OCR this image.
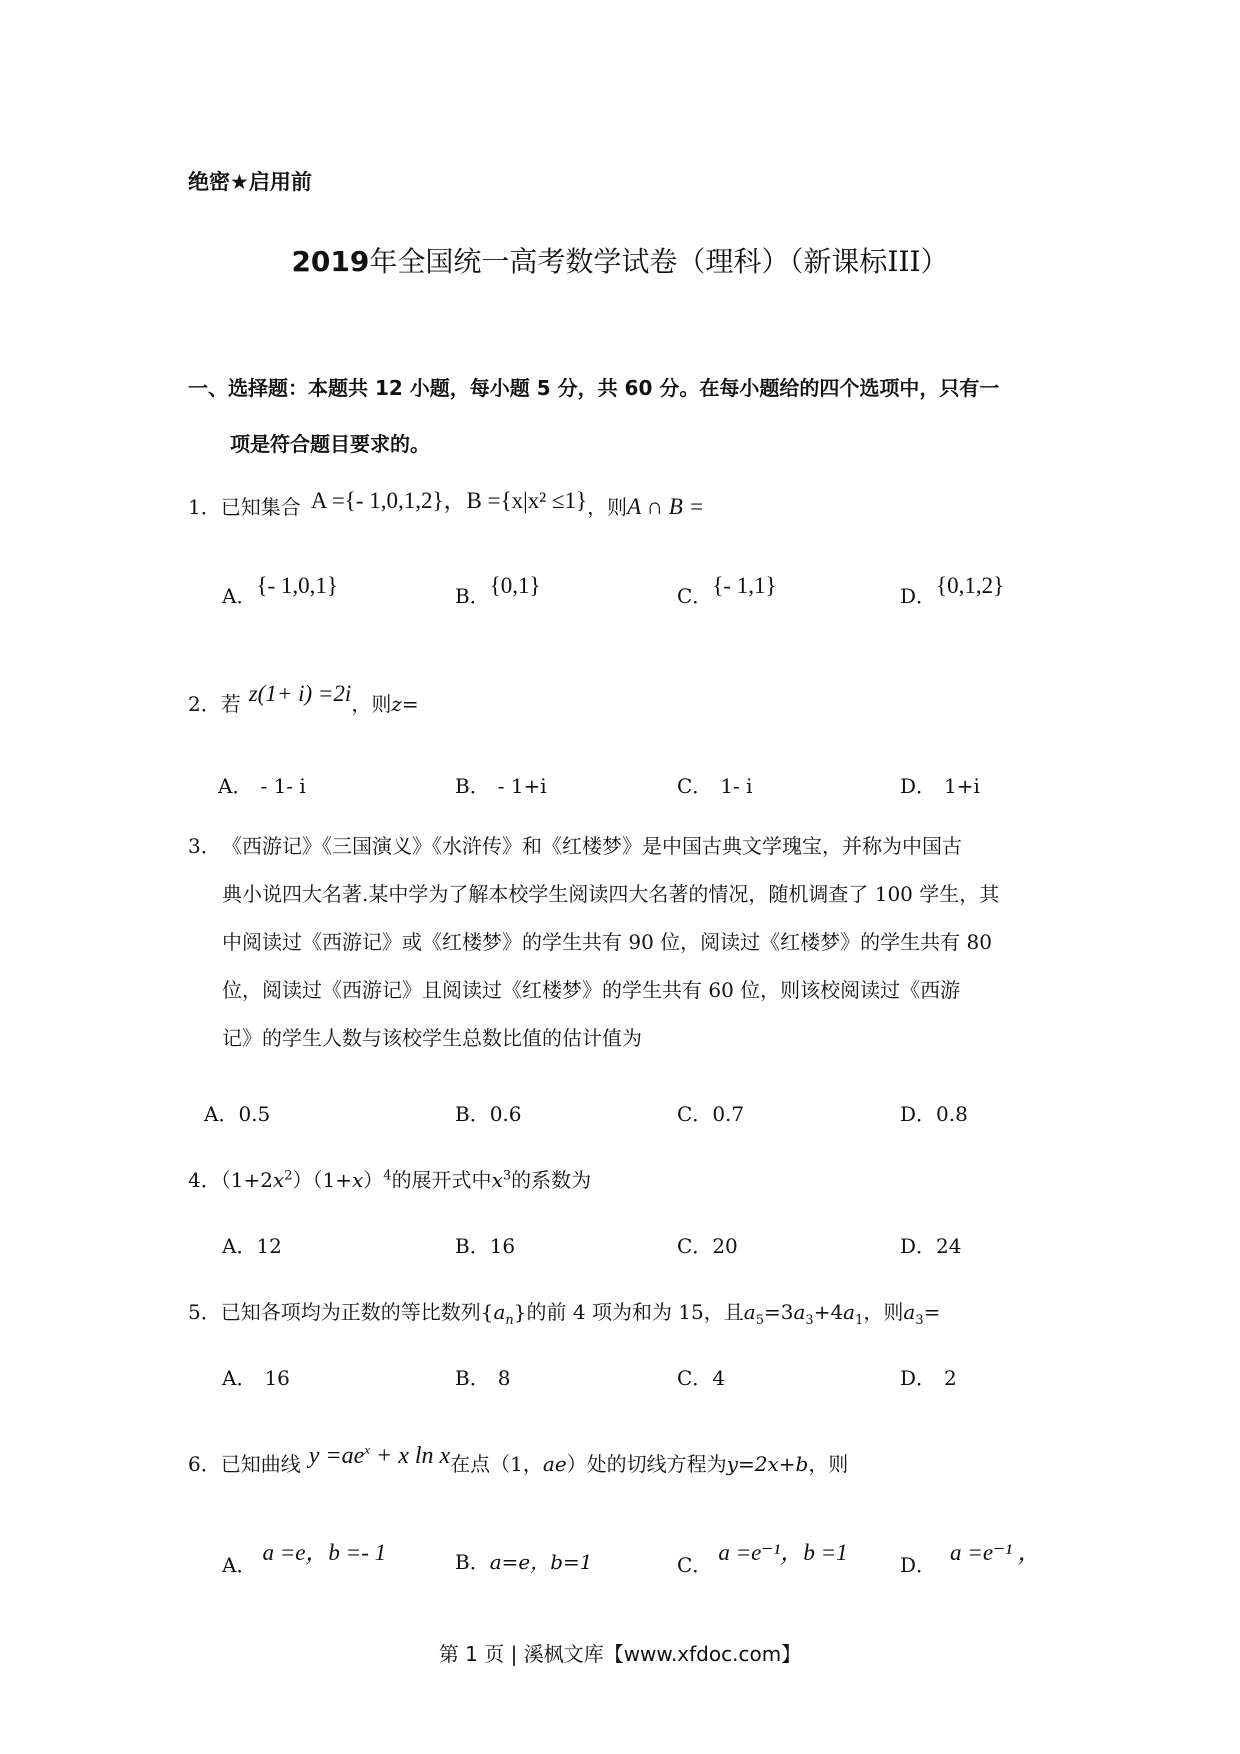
绝密★启用前
2019年全国统一高考数学试卷（理科）（新课标III）
一、选择题：本题共 12 小题，每小题 5 分，共 60 分。在每小题给的四个选项中，只有一
项是符合题目要求的。
1．已知集合 A ={- 1,0,1,2}，B ={x|x² ≤1}，则A ∩ B =
A．{- 1,0,1}	B．{0,1}	C．{- 1,1}	D．{0,1,2}
2．若 z(1+ i) =2i，则z=
A． - 1- i	B． - 1+i	C． 1- i	D． 1+i
3．《西游记》《三国演义》《水浒传》和《红楼梦》是中国古典文学瑰宝，并称为中国古
典小说四大名著.某中学为了解本校学生阅读四大名著的情况，随机调查了 100 学生，其
中阅读过《西游记》或《红楼梦》的学生共有 90 位，阅读过《红楼梦》的学生共有 80
位，阅读过《西游记》且阅读过《红楼梦》的学生共有 60 位，则该校阅读过《西游
记》的学生人数与该校学生总数比值的估计值为
A．0.5	B．0.6	C．0.7	D．0.8
4．$(1+2x^2)(1+x)^4$的展开式中$x^3$的系数为
A．12	B．16	C．20	D．24
5．已知各项均为正数的等比数列$\{a_n\}$的前 4 项为和为 15，且$a_5=3a_3+4a_1$，则$a_3=$
A． 16	B． 8	C．4	D． 2
6．已知曲线 $y =ae^x + x$ ln x在点（1，ae）处的切线方程为y=2x+b，则
A． a =e，b =- 1	B．a=e，b=1	C． a =e⁻¹，b =1	D． a =e⁻¹ ，
第 1 页 | 溪枫文库【www.xfdoc.com】
